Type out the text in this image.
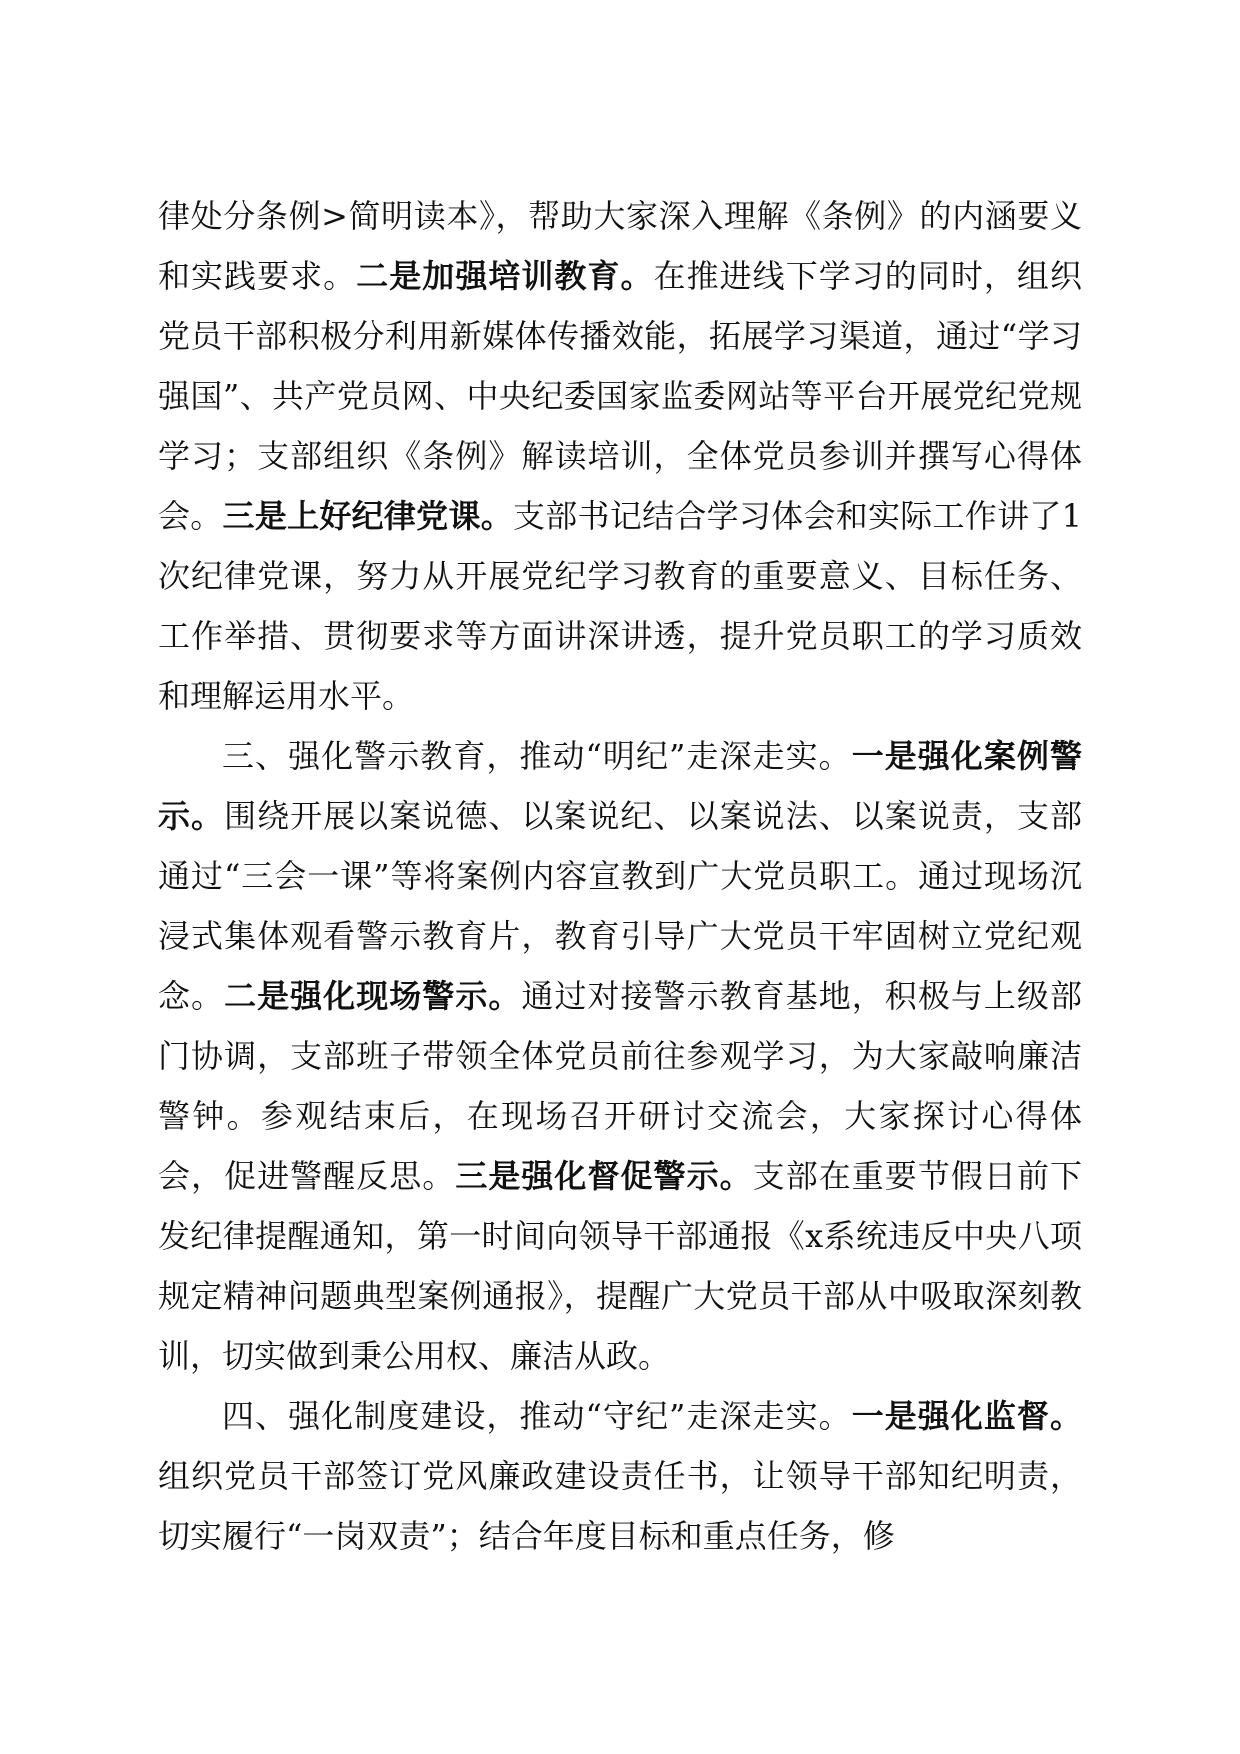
律处分条例>简明读本》，帮助大家深入理解《条例》的内涵要义和实践要求。二是加强培训教育。在推进线下学习的同时，组织党员干部积极分利用新媒体传播效能，拓展学习渠道，通过“学习强国”、共产党员网、中央纪委国家监委网站等平台开展党纪党规学习；支部组织《条例》解读培训，全体党员参训并撰写心得体会。三是上好纪律党课。支部书记结合学习体会和实际工作讲了1次纪律党课，努力从开展党纪学习教育的重要意义、目标任务、工作举措、贯彻要求等方面讲深讲透，提升党员职工的学习质效和理解运用水平。

三、强化警示教育，推动“明纪”走深走实。一是强化案例警示。围绕开展以案说德、以案说纪、以案说法、以案说责，支部通过“三会一课”等将案例内容宣教到广大党员职工。通过现场沉浸式集体观看警示教育片，教育引导广大党员干牢固树立党纪观念。二是强化现场警示。通过对接警示教育基地，积极与上级部门协调，支部班子带领全体党员前往参观学习，为大家敲响廉洁警钟。参观结束后，在现场召开研讨交流会，大家探讨心得体会，促进警醒反思。三是强化督促警示。支部在重要节假日前下发纪律提醒通知，第一时间向领导干部通报《x系统违反中央八项规定精神问题典型案例通报》，提醒广大党员干部从中吸取深刻教训，切实做到秉公用权、廉洁从政。

四、强化制度建设，推动“守纪”走深走实。一是强化监督。组织党员干部签订党风廉政建设责任书，让领导干部知纪明责，切实履行“一岗双责”；结合年度目标和重点任务，修
